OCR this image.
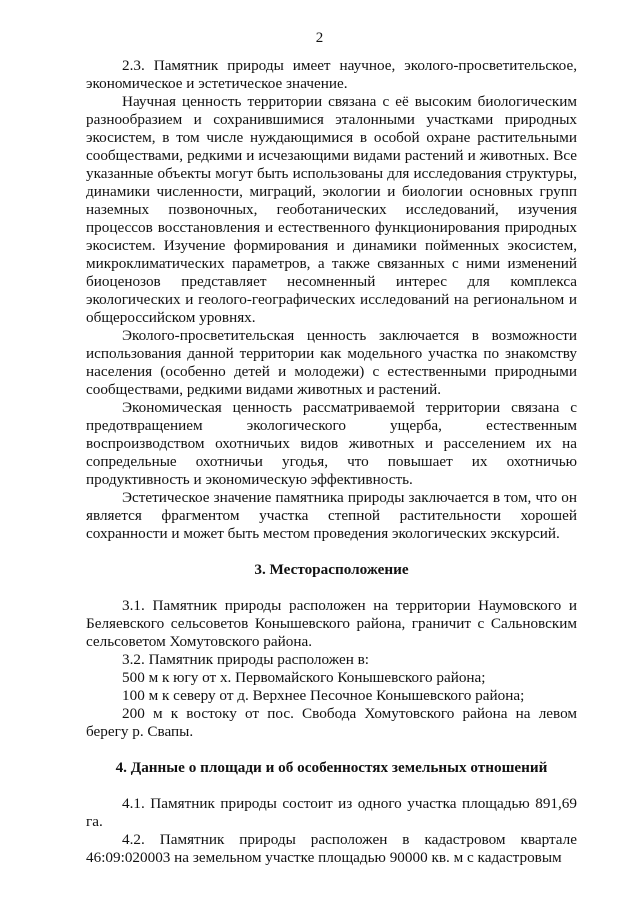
2

2.3. Памятник природы имеет научное, эколого-просветительское, экономическое и эстетическое значение.

Научная ценность территории связана с её высоким биологическим разнообразием и сохранившимися эталонными участками природных экосистем, в том числе нуждающимися в особой охране растительными сообществами, редкими и исчезающими видами растений и животных. Все указанные объекты могут быть использованы для исследования структуры, динамики численности, миграций, экологии и биологии основных групп наземных позвоночных, геоботанических исследований, изучения процессов восстановления и естественного функционирования природных экосистем. Изучение формирования и динамики пойменных экосистем, микроклиматических параметров, а также связанных с ними изменений биоценозов представляет несомненный интерес для комплекса экологических и геолого-географических исследований на региональном и общероссийском уровнях.

Эколого-просветительская ценность заключается в возможности использования данной территории как модельного участка по знакомству населения (особенно детей и молодежи) с естественными природными сообществами, редкими видами животных и растений.

Экономическая ценность рассматриваемой территории связана с предотвращением экологического ущерба, естественным воспроизводством охотничьих видов животных и расселением их на сопредельные охотничьи угодья, что повышает их охотничью продуктивность и экономическую эффективность.

Эстетическое значение памятника природы заключается в том, что он является фрагментом участка степной растительности хорошей сохранности и может быть местом проведения экологических экскурсий.

3. Месторасположение

3.1. Памятник природы расположен на территории Наумовского и Беляевского сельсоветов Конышевского района, граничит с Сальновским сельсоветом Хомутовского района.

3.2. Памятник природы расположен в:

500 м к югу от х. Первомайского Конышевского района;

100 м к северу от д. Верхнее Песочное Конышевского района;

200 м к востоку от пос. Свобода Хомутовского района на левом берегу р. Свапы.

4. Данные о площади и об особенностях земельных отношений

4.1. Памятник природы состоит из одного участка площадью 891,69 га.

4.2. Памятник природы расположен в кадастровом квартале 46:09:020003 на земельном участке площадью 90000 кв. м с кадастровым
